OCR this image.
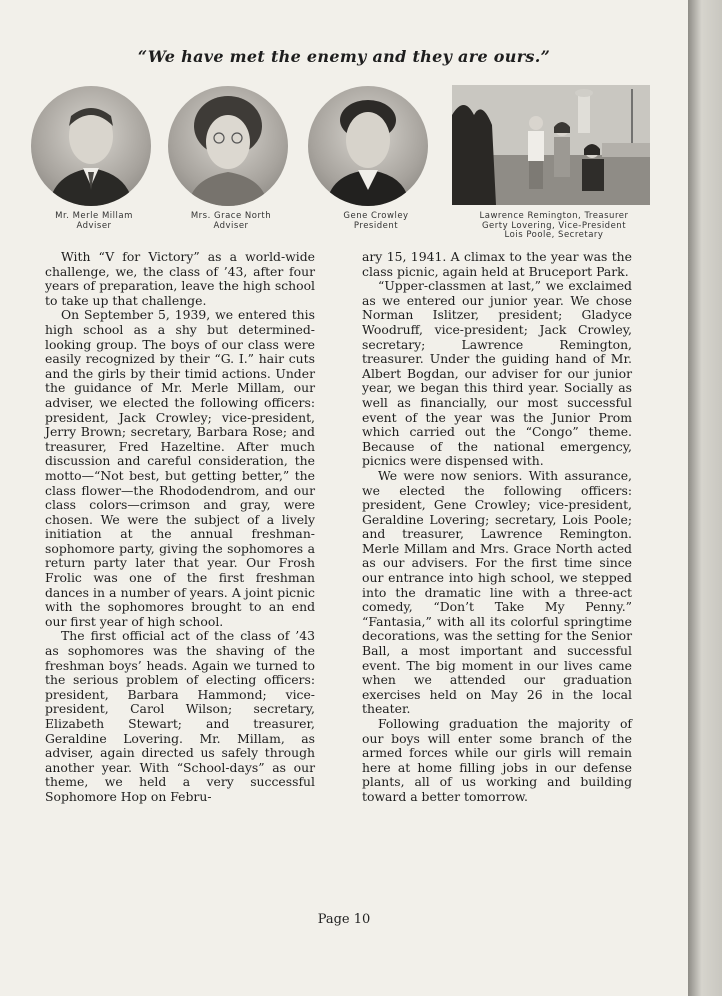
“We have met the enemy and they are ours.”
Mr. Merle Millam
Adviser
Mrs. Grace North
Adviser
Gene Crowley
President
Lawrence Remington, Treasurer
Gerty Lovering, Vice-President
Lois Poole, Secretary

With “V for Victory” as a world-wide challenge, we, the class of ’43, after four years of preparation, leave the high school to take up that challenge.

On September 5, 1939, we entered this high school as a shy but determined-looking group. The boys of our class were easily recognized by their “G. I.” hair cuts and the girls by their timid actions. Under the guidance of Mr. Merle Millam, our adviser, we elected the following officers: president, Jack Crowley; vice-president, Jerry Brown; secretary, Barbara Rose; and treasurer, Fred Hazeltine. After much discussion and careful consideration, the motto—“Not best, but getting better,” the class flower—the Rhododendrom, and our class colors—crimson and gray, were chosen. We were the subject of a lively initiation at the annual freshman-sophomore party, giving the sophomores a return party later that year. Our Frosh Frolic was one of the first freshman dances in a number of years. A joint picnic with the sophomores brought to an end our first year of high school.

The first official act of the class of ’43 as sophomores was the shaving of the freshman boys’ heads. Again we turned to the serious problem of electing officers: president, Barbara Hammond; vice-president, Carol Wilson; secretary, Elizabeth Stewart; and treasurer, Geraldine Lovering. Mr. Millam, as adviser, again directed us safely through another year. With “School-days” as our theme, we held a very successful Sophomore Hop on Febru-

ary 15, 1941. A climax to the year was the class picnic, again held at Bruceport Park.

“Upper-classmen at last,” we exclaimed as we entered our junior year. We chose Norman Islitzer, president; Gladyce Woodruff, vice-president; Jack Crowley, secretary; Lawrence Remington, treasurer. Under the guiding hand of Mr. Albert Bogdan, our adviser for our junior year, we began this third year. Socially as well as financially, our most successful event of the year was the Junior Prom which carried out the “Congo” theme. Because of the national emergency, picnics were dispensed with.

We were now seniors. With assurance, we elected the following officers: president, Gene Crowley; vice-president, Geraldine Lovering; secretary, Lois Poole; and treasurer, Lawrence Remington. Merle Millam and Mrs. Grace North acted as our advisers. For the first time since our entrance into high school, we stepped into the dramatic line with a three-act comedy, “Don’t Take My Penny.” “Fantasia,” with all its colorful springtime decorations, was the setting for the Senior Ball, a most important and successful event. The big moment in our lives came when we attended our graduation exercises held on May 26 in the local theater.

Following graduation the majority of our boys will enter some branch of the armed forces while our girls will remain here at home filling jobs in our defense plants, all of us working and building toward a better tomorrow.

Page 10
